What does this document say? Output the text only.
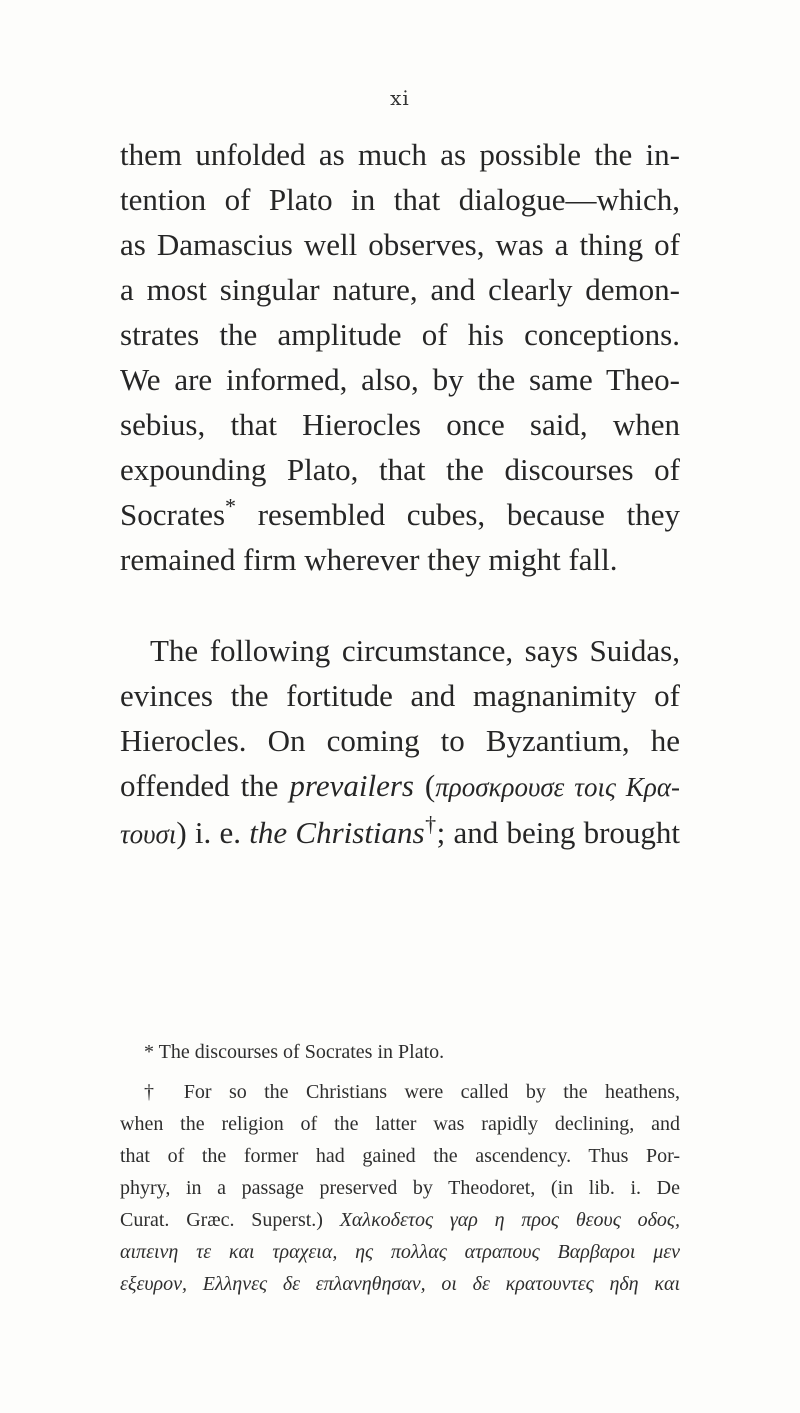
xi
them unfolded as much as possible the in-
tention of Plato in that dialogue—which,
as Damascius well observes, was a thing of
a most singular nature, and clearly demon-
strates the amplitude of his conceptions.
We are informed, also, by the same Theo-
sebius, that Hierocles once said, when
expounding Plato, that the discourses of
Socrates* resembled cubes, because they
remained firm wherever they might fall.
The following circumstance, says Suidas,
evinces the fortitude and magnanimity of
Hierocles. On coming to Byzantium, he
offended the prevailers (προσκρουσε τοις Κρα-
τουσι) i. e. the Christians†; and being brought
* The discourses of Socrates in Plato.
† For so the Christians were called by the heathens,
when the religion of the latter was rapidly declining, and
that of the former had gained the ascendency. Thus Por-
phyry, in a passage preserved by Theodoret, (in lib. i. De
Curat. Græc. Superst.) Χαλκοδετος γαρ η προς θεους οδος,
αιπεινη τε και τραχεια, ης πολλας ατραπους Βαρβαροι μεν
εξευρον, Ελληνες δε επλανηθησαν, οι δε κρατουντες ηδη και
